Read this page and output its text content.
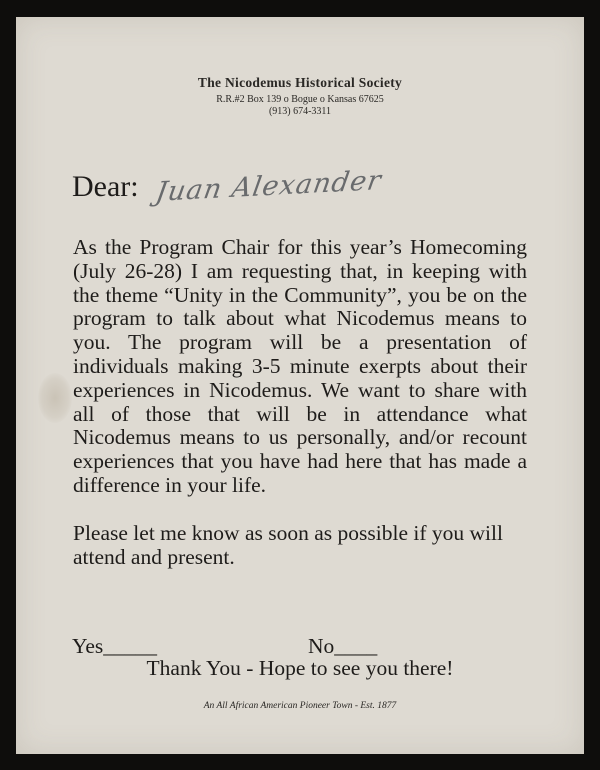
The Nicodemus Historical Society
R.R.#2 Box 139 o Bogue o Kansas 67625
(913) 674-3311
Dear: Juan Alexander
As the Program Chair for this year’s Homecoming (July 26-28) I am requesting that, in keeping with the theme “Unity in the Community”, you be on the program to talk about what Nicodemus means to you. The program will be a presentation of individuals making 3-5 minute exerpts about their experiences in Nicodemus. We want to share with all of those that will be in attendance what Nicodemus means to us personally, and/or recount experiences that you have had here that has made a difference in your life.
Please let me know as soon as possible if you will attend and present.
Yes_____	No____
Thank You - Hope to see you there!
An All African American Pioneer Town - Est. 1877
